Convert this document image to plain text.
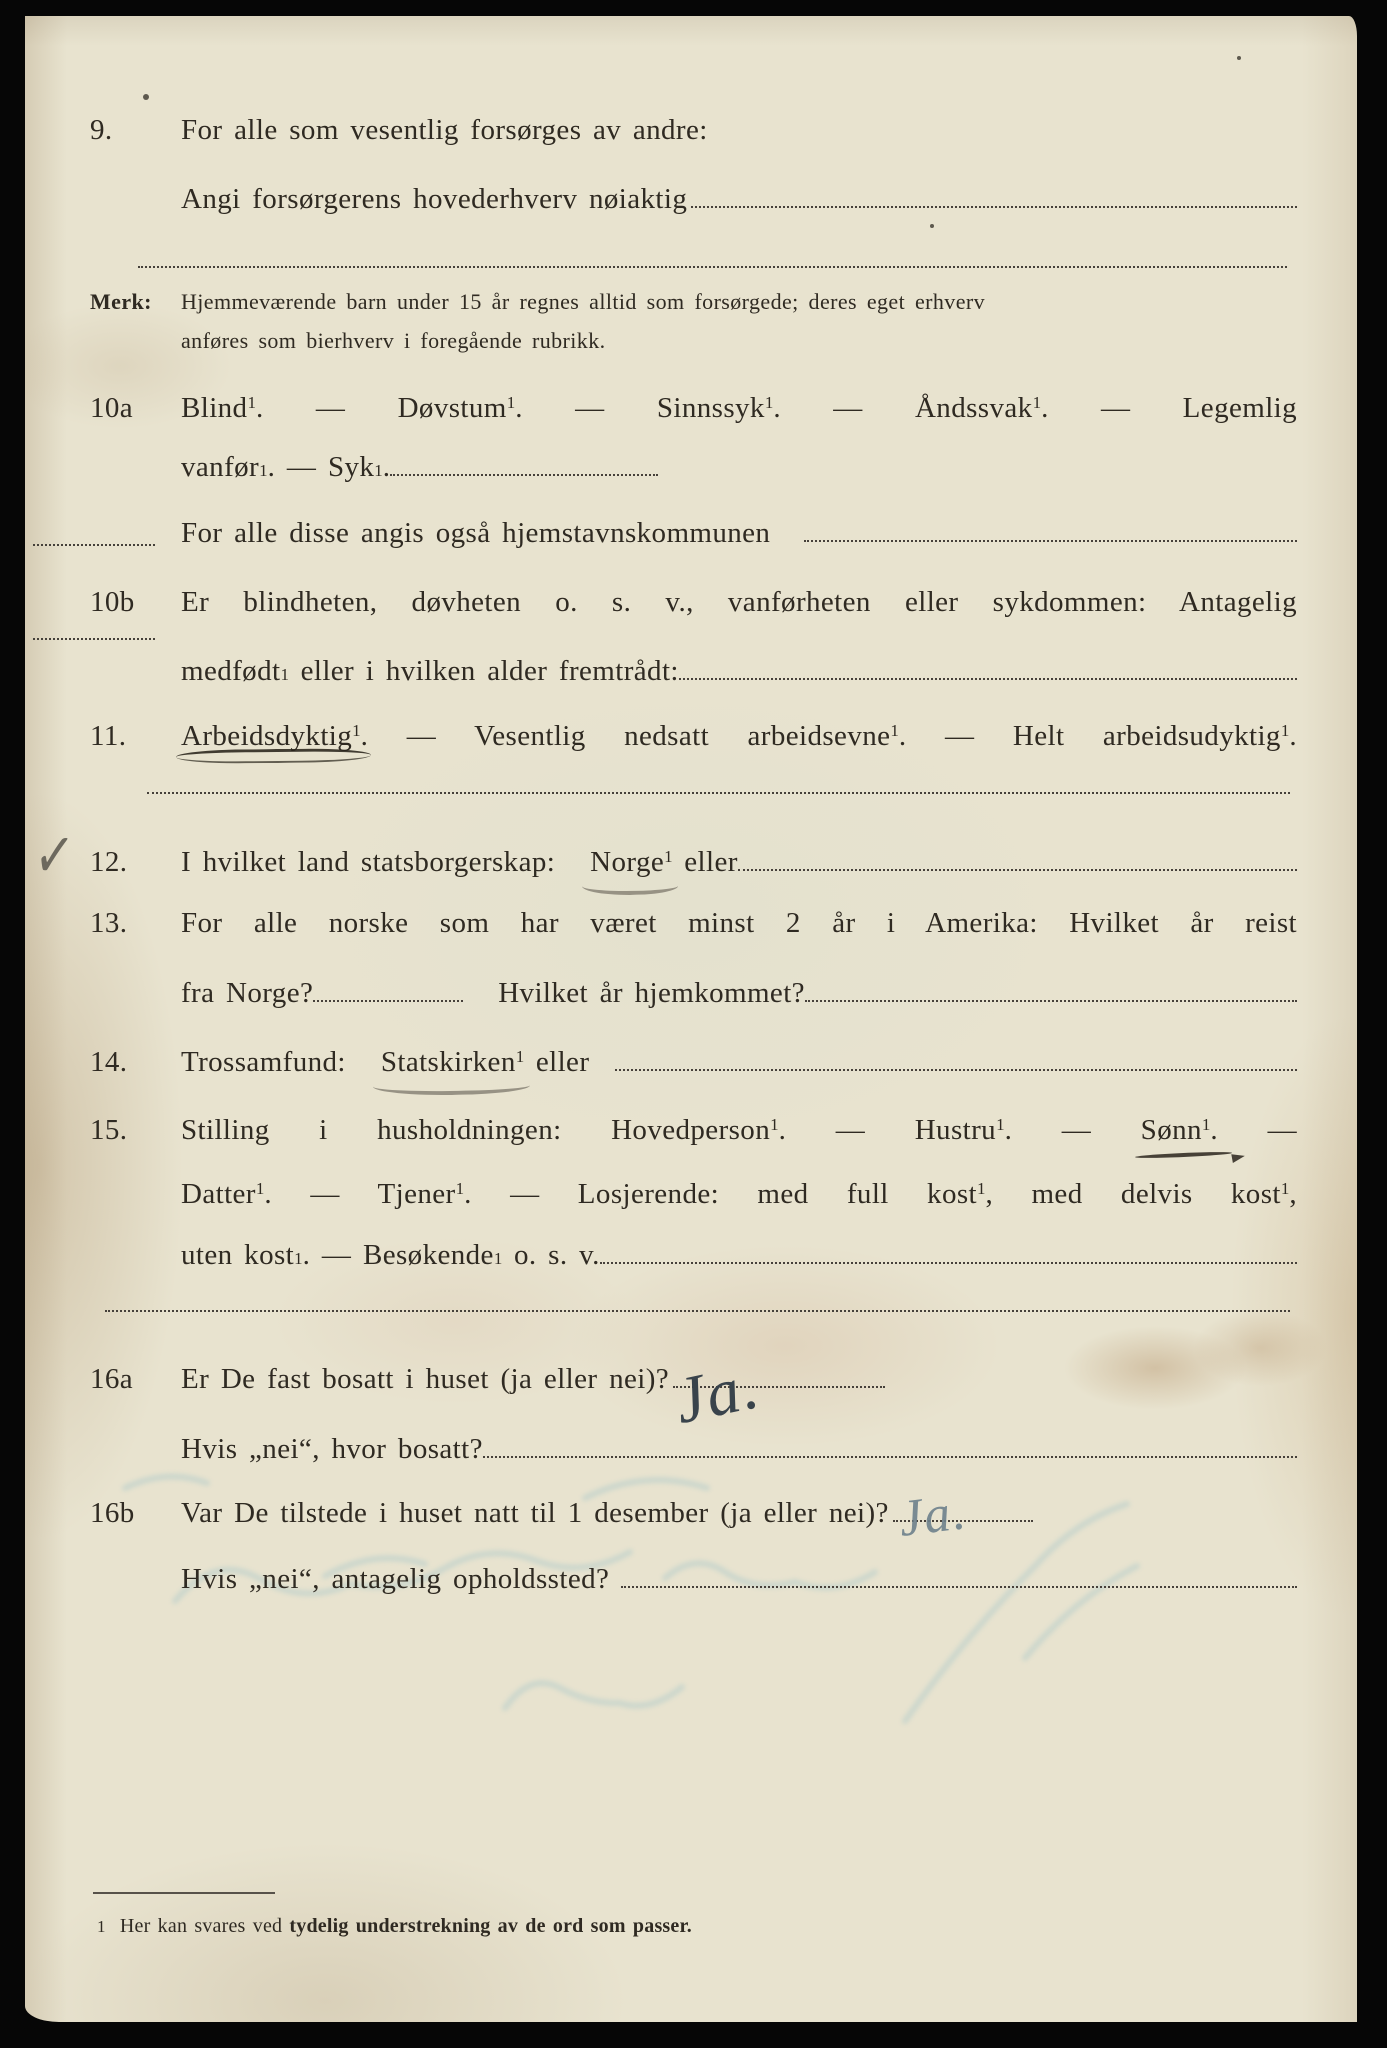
✓
9.	For alle som vesentlig forsørges av andre:
Angi forsørgerens hovederhverv nøiaktig
Merk:	Hjemmeværende barn under 15 år regnes alltid som forsørgede; deres eget erhverv
anføres som bierhverv i foregående rubrikk.
10a	Blind$^1$. — Døvstum$^1$. — Sinnssyk$^1$. — Åndssvak$^1$. — Legemlig
vanfør 1 . — Syk 1 .
For alle disse angis også hjemstavnskommunen
10b	Er blindheten, døvheten o. s. v., vanførheten eller sykdommen: Antagelig
medfødt 1 eller i hvilken alder fremtrådt:
11.	Arbeidsdyktig$^1$. — Vesentlig nedsatt arbeidsevne$^1$. — Helt arbeidsudyktig$^1$.
12.	I hvilket land statsborgerskap: Norge$^1$ eller
13.	For alle norske som har været minst 2 år i Amerika: Hvilket år reist
fra Norge?	Hvilket år hjemkommet?
14.	Trossamfund: Statskirken$^1$ eller
15.	Stilling i husholdningen: Hovedperson$^1$. — Hustru$^1$. — Sønn$^1$. —
Datter$^1$. — Tjener$^1$. — Losjerende: med full kost$^1$, med delvis kost$^1$,
uten kost 1 . — Besøkende 1 o. s. v.
16a	Er De fast bosatt i huset (ja eller nei)? Ja.
Hvis „nei“, hvor bosatt?
16b	Var De tilstede i huset natt til 1 desember (ja eller nei)? Ja.
Hvis „nei“, antagelig opholdssted?
1 Her kan svares ved tydelig understrekning av de ord som passer.
